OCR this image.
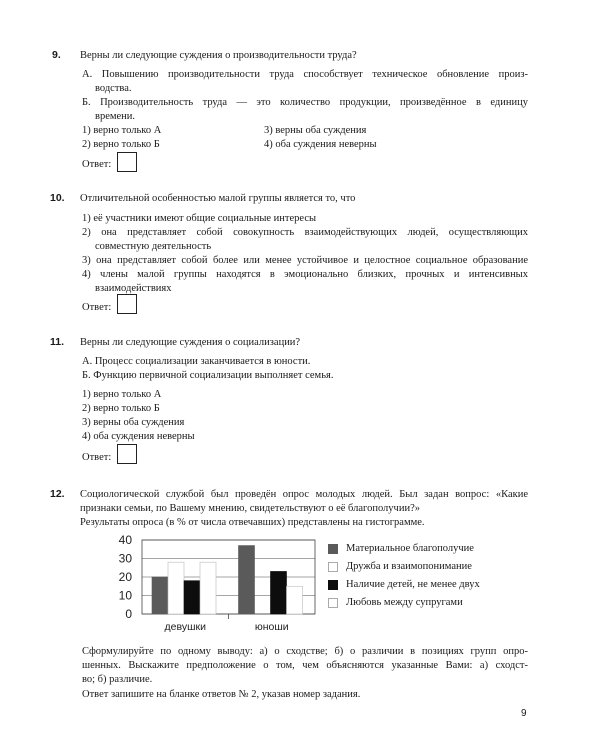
9. Верны ли следующие суждения о производительности труда?
А. Повышению производительности труда способствует техническое обновление произ-
водства.
Б. Производительность труда — это количество продукции, произведённое в единицу
времени.
1) верно только А
2) верно только Б
3) верны оба суждения
4) оба суждения неверны
Ответ:
10. Отличительной особенностью малой группы является то, что
1) её участники имеют общие социальные интересы
2) она представляет собой совокупность взаимодействующих людей, осуществляющих
совместную деятельность
3) она представляет собой более или менее устойчивое и целостное социальное образование
4) члены малой группы находятся в эмоционально близких, прочных и интенсивных
взаимодействиях
Ответ:
11. Верны ли следующие суждения о социализации?
А. Процесс социализации заканчивается в юности.
Б. Функцию первичной социализации выполняет семья.
1) верно только А
2) верно только Б
3) верны оба суждения
4) оба суждения неверны
Ответ:
12. Социологической службой был проведён опрос молодых людей. Был задан вопрос: «Какие
признаки семьи, по Вашему мнению, свидетельствуют о её благополучии?»
Результаты опроса (в % от числа отвечавших) представлены на гистограмме.
0
10
20
30
40
девушки	юноши
Материальное благополучие
Дружба и взаимопонимание
Наличие детей, не менее двух
Любовь между супругами
Сформулируйте по одному выводу: а) о сходстве; б) о различии в позициях групп опро-
шенных. Выскажите предположение о том, чем объясняются указанные Вами: а) сходст-
во; б) различие.
Ответ запишите на бланке ответов № 2, указав номер задания.
9
